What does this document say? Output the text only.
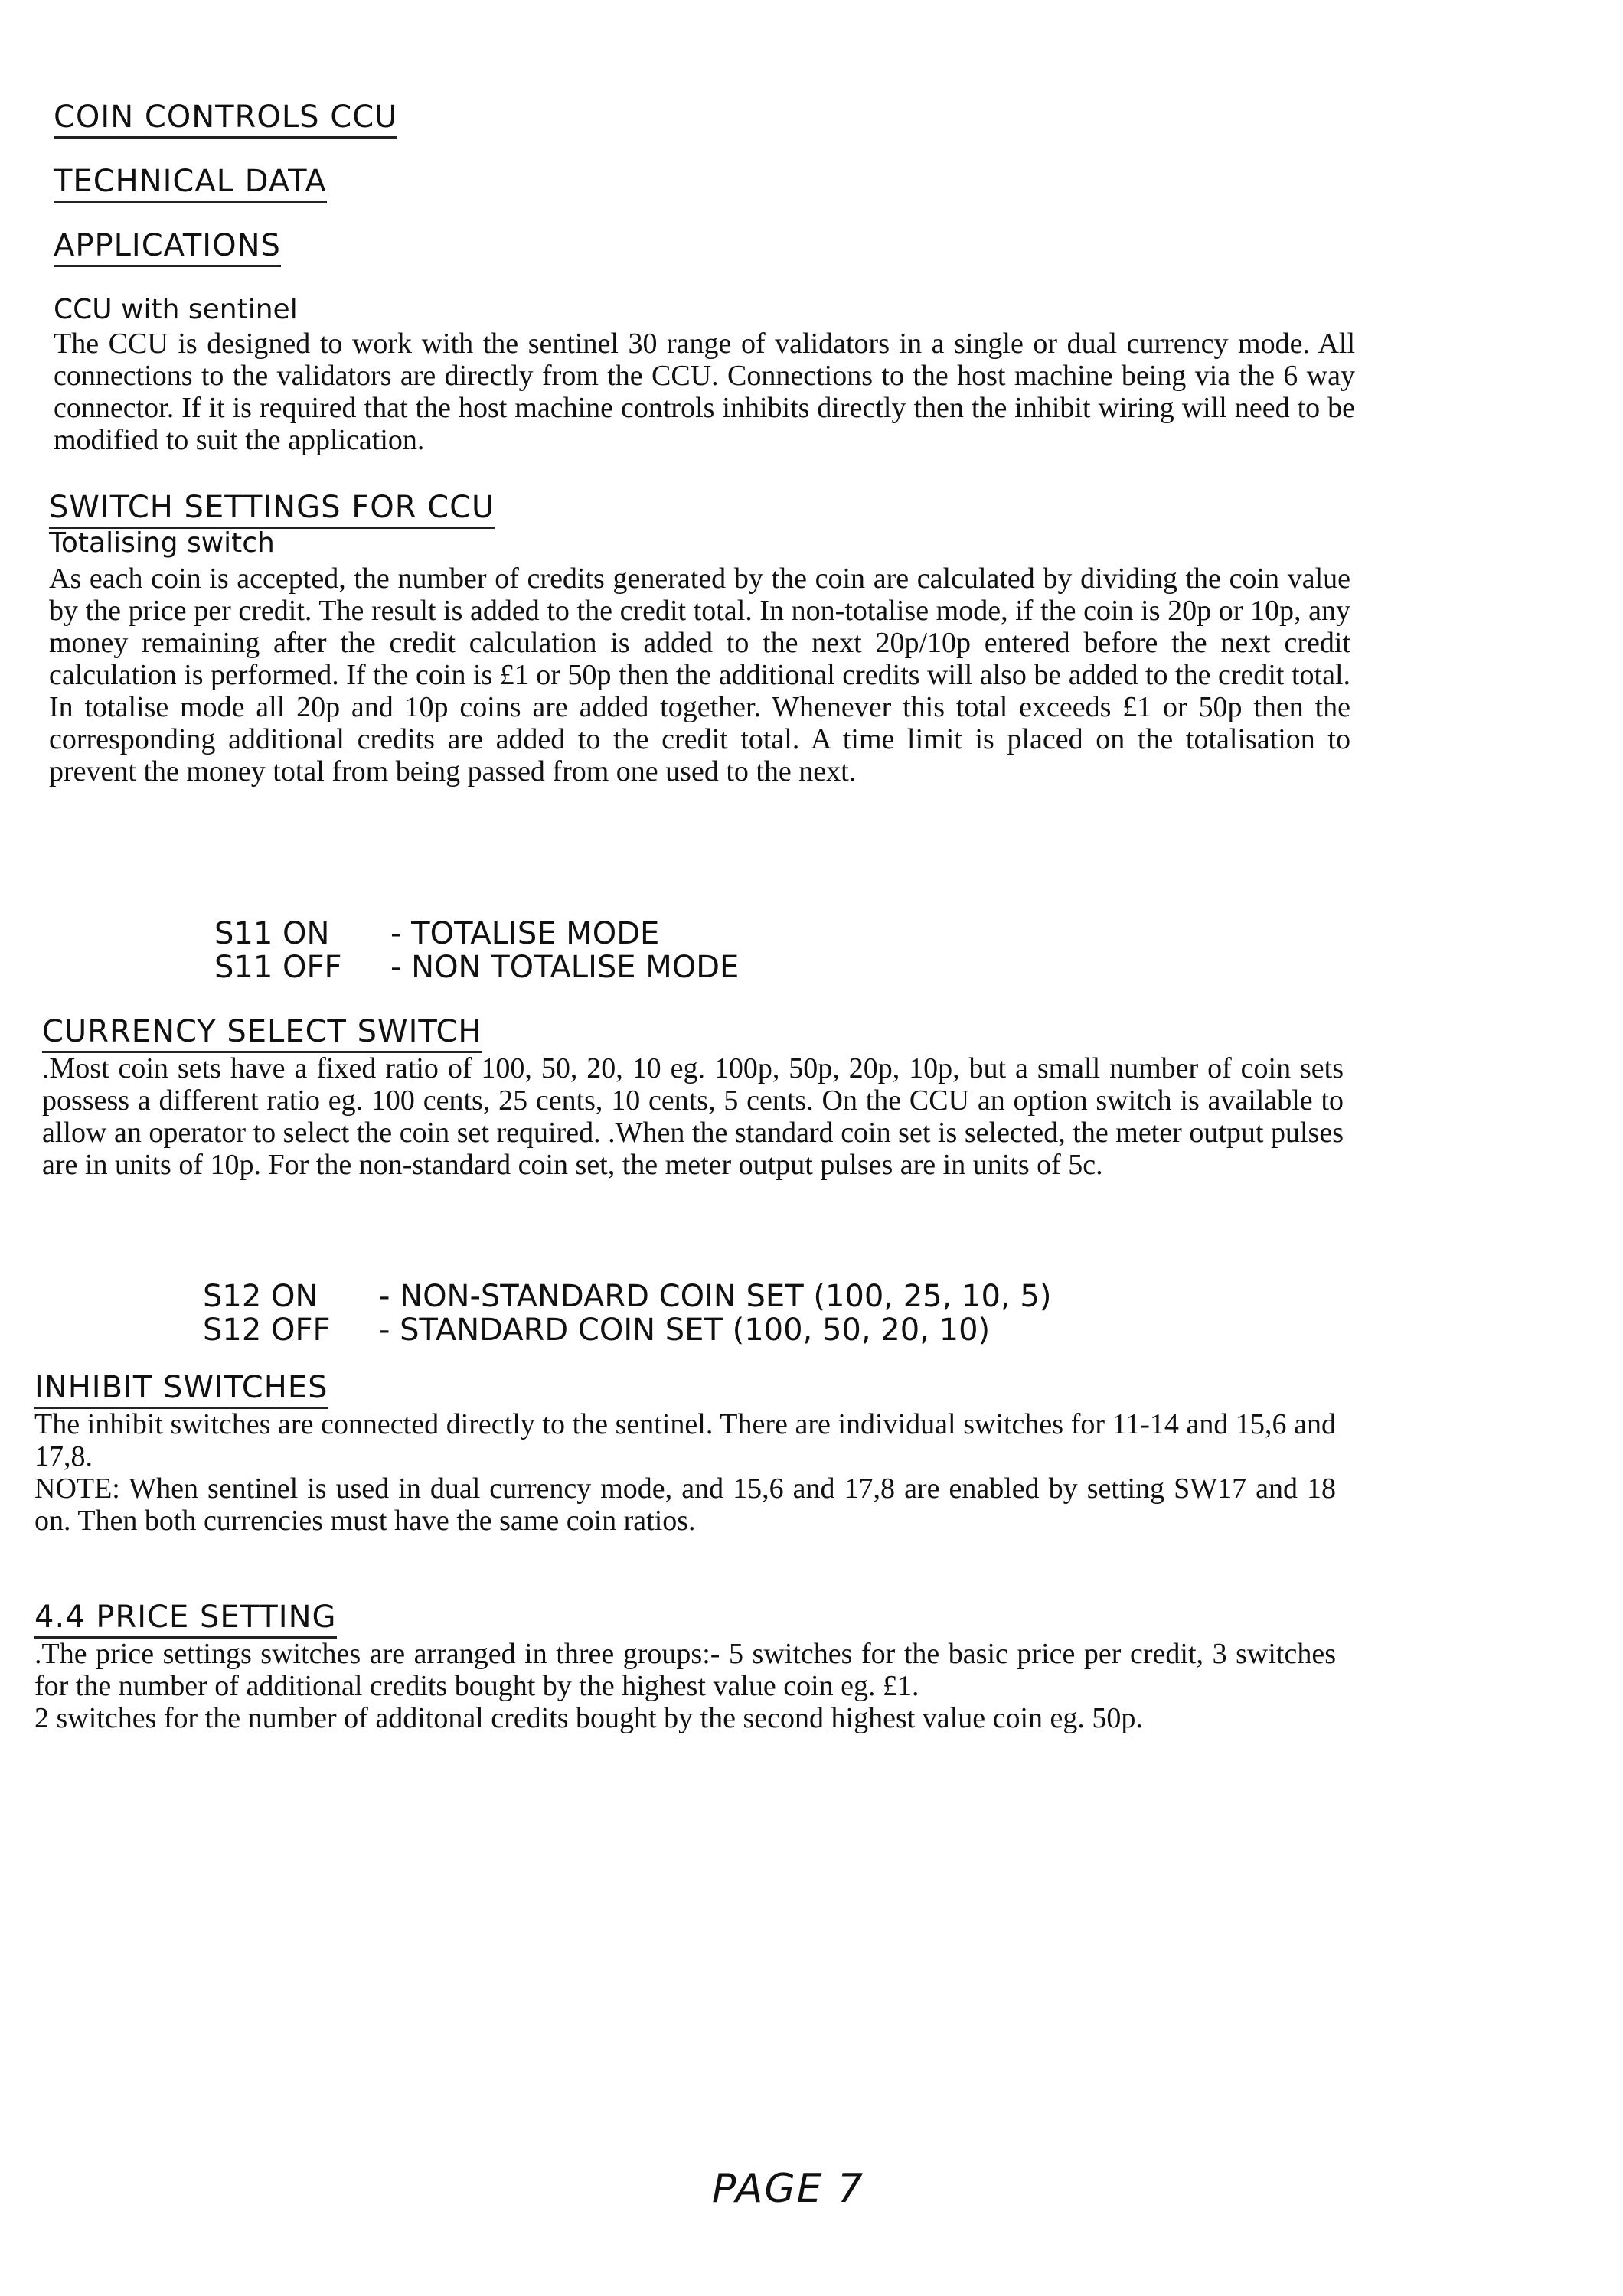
COIN CONTROLS CCU
TECHNICAL DATA
APPLICATIONS
CCU with sentinel

The CCU is designed to work with the sentinel 30 range of validators in a single or dual currency mode. All connections to the validators are directly from the CCU. Connections to the host machine being via the 6 way connector. If it is required that the host machine controls inhibits directly then the inhibit wiring will need to be modified to suit the application.

SWITCH SETTINGS FOR CCU
Totalising switch

As each coin is accepted, the number of credits generated by the coin are calculated by dividing the coin value by the price per credit. The result is added to the credit total. In non-totalise mode, if the coin is 20p or 10p, any money remaining after the credit calculation is added to the next 20p/10p entered before the next credit calculation is performed. If the coin is £1 or 50p then the additional credits will also be added to the credit total. In totalise mode all 20p and 10p coins are added together. Whenever this total exceeds £1 or 50p then the corresponding additional credits are added to the credit total. A time limit is placed on the totalisation to prevent the money total from being passed from one used to the next.

S11 ON - TOTALISE MODE
S11 OFF - NON TOTALISE MODE
CURRENCY SELECT SWITCH

.Most coin sets have a fixed ratio of 100, 50, 20, 10 eg. 100p, 50p, 20p, 10p, but a small number of coin sets possess a different ratio eg. 100 cents, 25 cents, 10 cents, 5 cents. On the CCU an option switch is available to allow an operator to select the coin set required. .When the standard coin set is selected, the meter output pulses are in units of 10p. For the non-standard coin set, the meter output pulses are in units of 5c.

S12 ON - NON-STANDARD COIN SET (100, 25, 10, 5)
S12 OFF - STANDARD COIN SET (100, 50, 20, 10)
INHIBIT SWITCHES

The inhibit switches are connected directly to the sentinel. There are individual switches for 11-14 and 15,6 and 17,8.

NOTE: When sentinel is used in dual currency mode, and 15,6 and 17,8 are enabled by setting SW17 and 18 on. Then both currencies must have the same coin ratios.

4.4 PRICE SETTING

.The price settings switches are arranged in three groups:- 5 switches for the basic price per credit, 3 switches for the number of additional credits bought by the highest value coin eg. £1.

2 switches for the number of additonal credits bought by the second highest value coin eg. 50p.

PAGE 7
